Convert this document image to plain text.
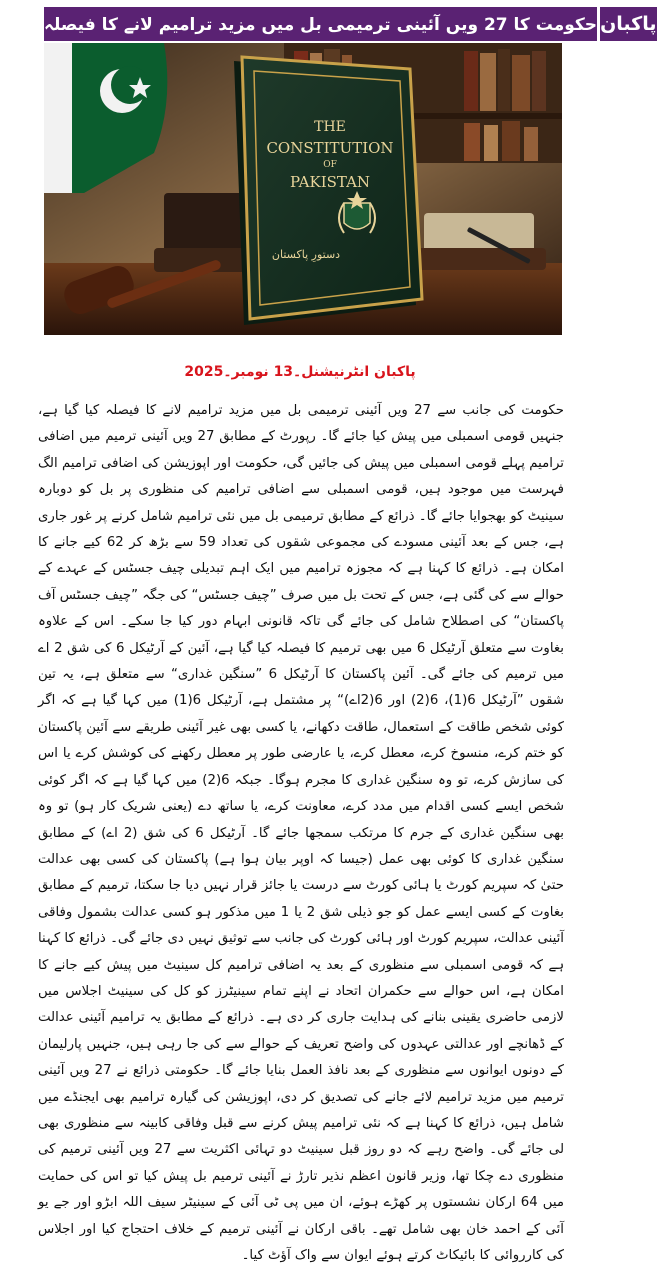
حکومت کا 27 ویں آئینی ترمیمی بل میں مزید ترامیم لانے کا فیصلہ پاکبان
THE
CONSTITUTION
OF
PAKISTAN
دستورِ پاکستان
پاکبان انٹرنیشنل۔13 نومبر۔2025

حکومت کی جانب سے 27 ویں آئینی ترمیمی بل میں مزید ترامیم لانے کا فیصلہ کیا گیا ہے، جنہیں قومی اسمبلی میں پیش کیا جائے گا۔ رپورٹ کے مطابق 27 ویں آئینی ترمیم میں اضافی ترامیم پہلے قومی اسمبلی میں پیش کی جائیں گی، حکومت اور اپوزیشن کی اضافی ترامیم الگ فہرست میں موجود ہیں، قومی اسمبلی سے اضافی ترامیم کی منظوری پر بل کو دوبارہ سینیٹ کو بھجوایا جائے گا۔ ذرائع کے مطابق ترمیمی بل میں نئی ترامیم شامل کرنے پر غور جاری ہے، جس کے بعد آئینی مسودے کی مجموعی شقوں کی تعداد 59 سے بڑھ کر 62 کیے جانے کا امکان ہے۔ ذرائع کا کہنا ہے کہ مجوزہ ترامیم میں ایک اہم تبدیلی چیف جسٹس کے عہدے کے حوالے سے کی گئی ہے، جس کے تحت بل میں صرف ”چیف جسٹس“ کی جگہ ”چیف جسٹس آف پاکستان“ کی اصطلاح شامل کی جائے گی تاکہ قانونی ابہام دور کیا جا سکے۔ اس کے علاوہ بغاوت سے متعلق آرٹیکل 6 میں بھی ترمیم کا فیصلہ کیا گیا ہے، آئین کے آرٹیکل 6 کی شق 2 اے میں ترمیم کی جائے گی۔ آئین پاکستان کا آرٹیکل 6 ”سنگین غداری“ سے متعلق ہے، یہ تین شقوں ”آرٹیکل 6(1)، 6(2) اور 6(2اے)“ پر مشتمل ہے، آرٹیکل 6(1) میں کہا گیا ہے کہ اگر کوئی شخص طاقت کے استعمال، طاقت دکھانے، یا کسی بھی غیر آئینی طریقے سے آئین پاکستان کو ختم کرے، منسوخ کرے، معطل کرے، یا عارضی طور پر معطل رکھنے کی کوشش کرے یا اس کی سازش کرے، تو وہ سنگین غداری کا مجرم ہوگا۔ جبکہ 6(2) میں کہا گیا ہے کہ اگر کوئی شخص ایسے کسی اقدام میں مدد کرے، معاونت کرے، یا ساتھ دے (یعنی شریک کار ہو) تو وہ بھی سنگین غداری کے جرم کا مرتکب سمجھا جائے گا۔ آرٹیکل 6 کی شق (2 اے) کے مطابق سنگین غداری کا کوئی بھی عمل (جیسا کہ اوپر بیان ہوا ہے) پاکستان کی کسی بھی عدالت حتیٰ کہ سپریم کورٹ یا ہائی کورٹ سے درست یا جائز قرار نہیں دیا جا سکتا، ترمیم کے مطابق بغاوت کے کسی ایسے عمل کو جو ذیلی شق 2 یا 1 میں مذکور ہو کسی عدالت بشمول وفاقی آئینی عدالت، سپریم کورٹ اور ہائی کورٹ کی جانب سے توثیق نہیں دی جائے گی۔ ذرائع کا کہنا ہے کہ قومی اسمبلی سے منظوری کے بعد یہ اضافی ترامیم کل سینیٹ میں پیش کیے جانے کا امکان ہے، اس حوالے سے حکمران اتحاد نے اپنے تمام سینیٹرز کو کل کی سینیٹ اجلاس میں لازمی حاضری یقینی بنانے کی ہدایت جاری کر دی ہے۔ ذرائع کے مطابق یہ ترامیم آئینی عدالت کے ڈھانچے اور عدالتی عہدوں کی واضح تعریف کے حوالے سے کی جا رہی ہیں، جنہیں پارلیمان کے دونوں ایوانوں سے منظوری کے بعد نافذ العمل بنایا جائے گا۔ حکومتی ذرائع نے 27 ویں آئینی ترمیم میں مزید ترامیم لائے جانے کی تصدیق کر دی، اپوزیشن کی گیارہ ترامیم بھی ایجنڈے میں شامل ہیں، ذرائع کا کہنا ہے کہ نئی ترامیم پیش کرنے سے قبل وفاقی کابینہ سے منظوری بھی لی جائے گی۔ واضح رہے کہ دو روز قبل سینیٹ دو تہائی اکثریت سے 27 ویں آئینی ترمیم کی منظوری دے چکا تھا، وزیر قانون اعظم نذیر تارڑ نے آئینی ترمیم بل پیش کیا تو اس کی حمایت میں 64 ارکان نشستوں پر کھڑے ہوئے، ان میں پی ٹی آئی کے سینیٹر سیف اللہ ابڑو اور جے یو آئی کے احمد خان بھی شامل تھے۔ باقی ارکان نے آئینی ترمیم کے خلاف احتجاج کیا اور اجلاس کی کارروائی کا بائیکاٹ کرتے ہوئے ایوان سے واک آؤٹ کیا۔
